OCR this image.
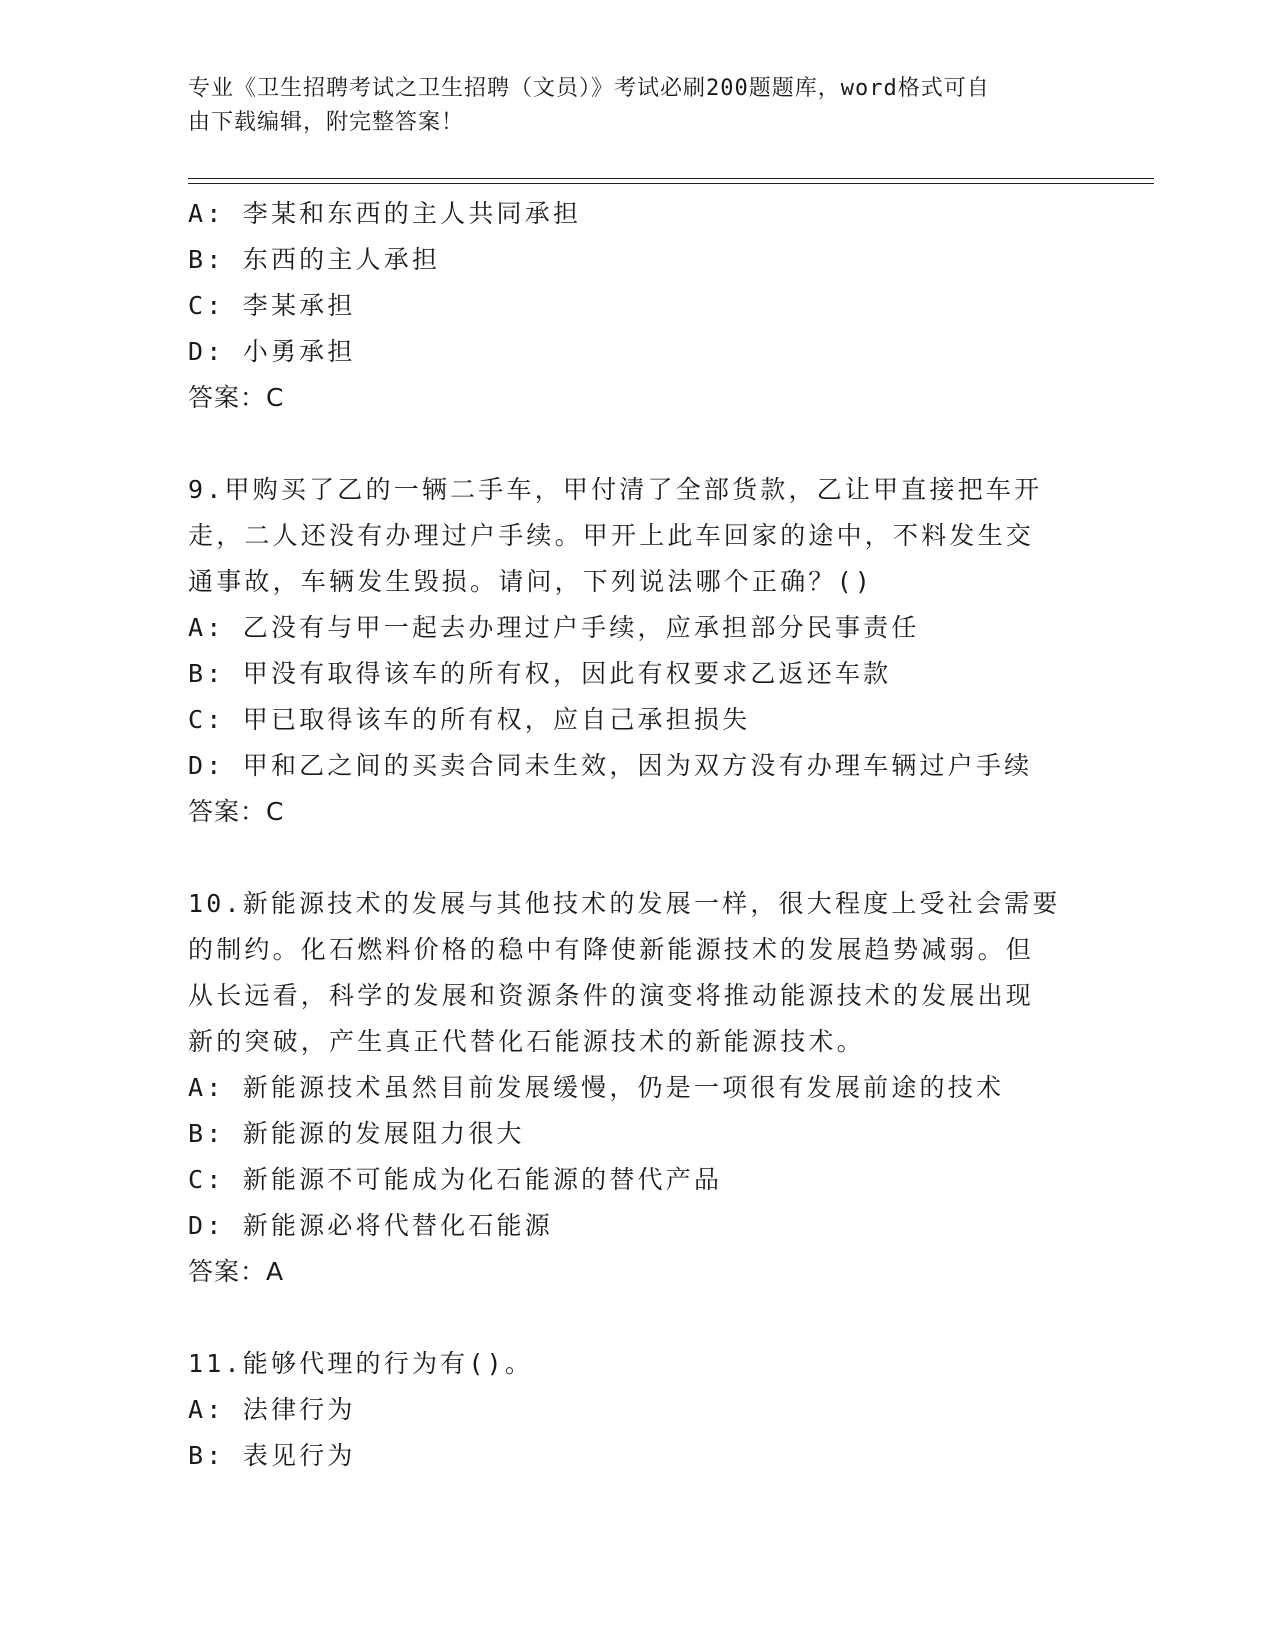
专业《卫生招聘考试之卫生招聘（文员）》考试必刷200题题库，word格式可自
由下载编辑，附完整答案！
A: 李某和东西的主人共同承担
B: 东西的主人承担
C: 李某承担
D: 小勇承担
答案：C
9.甲购买了乙的一辆二手车，甲付清了全部货款，乙让甲直接把车开
走，二人还没有办理过户手续。甲开上此车回家的途中，不料发生交
通事故，车辆发生毁损。请问，下列说法哪个正确？()
A: 乙没有与甲一起去办理过户手续，应承担部分民事责任
B: 甲没有取得该车的所有权，因此有权要求乙返还车款
C: 甲已取得该车的所有权，应自己承担损失
D: 甲和乙之间的买卖合同未生效，因为双方没有办理车辆过户手续
答案：C
10.新能源技术的发展与其他技术的发展一样，很大程度上受社会需要
的制约。化石燃料价格的稳中有降使新能源技术的发展趋势减弱。但
从长远看，科学的发展和资源条件的演变将推动能源技术的发展出现
新的突破，产生真正代替化石能源技术的新能源技术。
A: 新能源技术虽然目前发展缓慢，仍是一项很有发展前途的技术
B: 新能源的发展阻力很大
C: 新能源不可能成为化石能源的替代产品
D: 新能源必将代替化石能源
答案：A
11.能够代理的行为有()。
A: 法律行为
B: 表见行为
